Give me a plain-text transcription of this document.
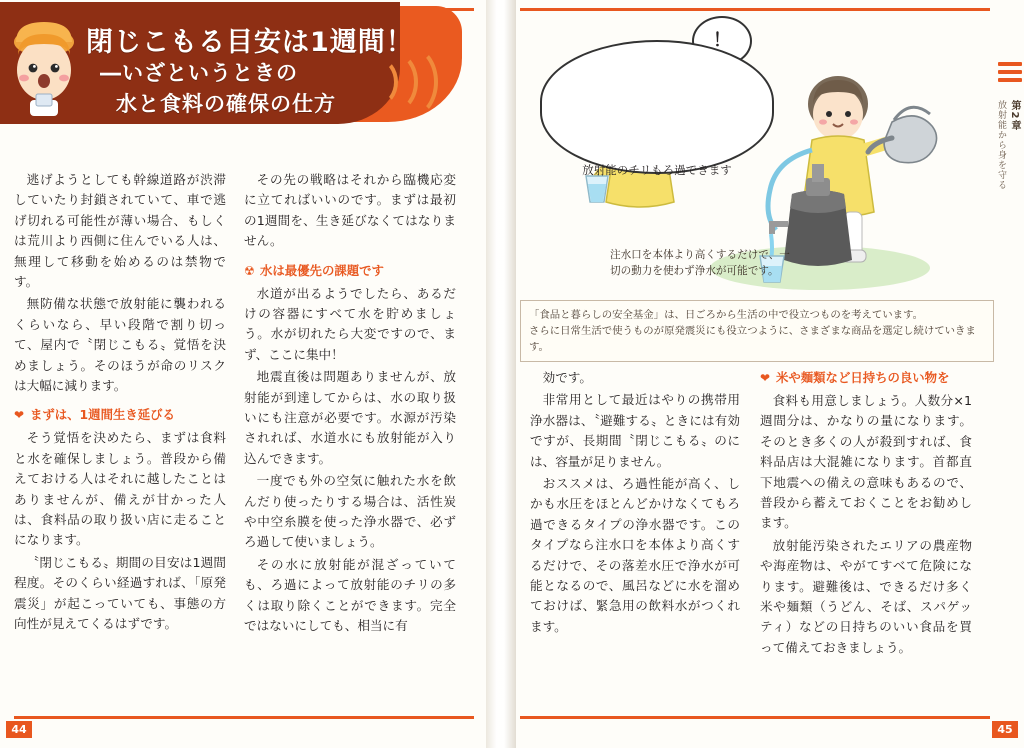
閉じこもる目安は1週間！
―いざというときの
水と食料の確保の仕方

逃げようとしても幹線道路が渋滞していたり封鎖されていて、車で逃げ切れる可能性が薄い場合、もしくは荒川より西側に住んでいる人は、無理して移動を始めるのは禁物です。

無防備な状態で放射能に襲われるくらいなら、早い段階で割り切って、屋内で〝閉じこもる〟覚悟を決めましょう。そのほうが命のリスクは大幅に減ります。

❤ まずは、1週間生き延びる

そう覚悟を決めたら、まずは食料と水を確保しましょう。普段から備えておける人はそれに越したことはありませんが、備えが甘かった人は、食料品の取り扱い店に走ることになります。

〝閉じこもる〟期間の目安は1週間程度。そのくらい経過すれば、「原発震災」が起こっていても、事態の方向性が見えてくるはずです。

その先の戦略はそれから臨機応変に立てればいいのです。まずは最初の1週間を、生き延びなくてはなりません。

☢ 水は最優先の課題です

水道が出るようでしたら、あるだけの容器にすべて水を貯めましょう。水が切れたら大変ですので、まず、ここに集中！

地震直後は問題ありませんが、放射能が到達してからは、水の取り扱いにも注意が必要です。水源が汚染されれば、水道水にも放射能が入り込んできます。

一度でも外の空気に触れた水を飲んだり使ったりする場合は、活性炭や中空糸膜を使った浄水器で、必ずろ過して使いましょう。

その水に放射能が混ざっていても、ろ過によって放射能のチリの多くは取り除くことができます。完全ではないにしても、相当に有

！
放射能のチリもろ過できます
注水口を本体より高くするだけで、一切の動力を使わず浄水が可能です。

「食品と暮らしの安全基金」は、日ごろから生活の中で役立つものを考えています。

さらに日常生活で使うものが原発震災にも役立つように、さまざまな商品を選定し続けていきます。

効です。

非常用として最近はやりの携帯用浄水器は、〝避難する〟ときには有効ですが、長期間〝閉じこもる〟のには、容量が足りません。

おススメは、ろ過性能が高く、しかも水圧をほとんどかけなくてもろ過できるタイプの浄水器です。このタイプなら注水口を本体より高くするだけで、その落差水圧で浄水が可能となるので、風呂などに水を溜めておけば、緊急用の飲料水がつくれます。

❤ 米や麺類など日持ちの良い物を

食料も用意しましょう。人数分×1週間分は、かなりの量になります。そのとき多くの人が殺到すれば、食料品店は大混雑になります。首都直下地震への備えの意味もあるので、普段から蓄えておくことをお勧めします。

放射能汚染されたエリアの農産物や海産物は、やがてすべて危険になります。避難後は、できるだけ多く米や麺類（うどん、そば、スパゲッティ）などの日持ちのいい食品を買って備えておきましょう。

第2章
放射能から身を守る
44	45
